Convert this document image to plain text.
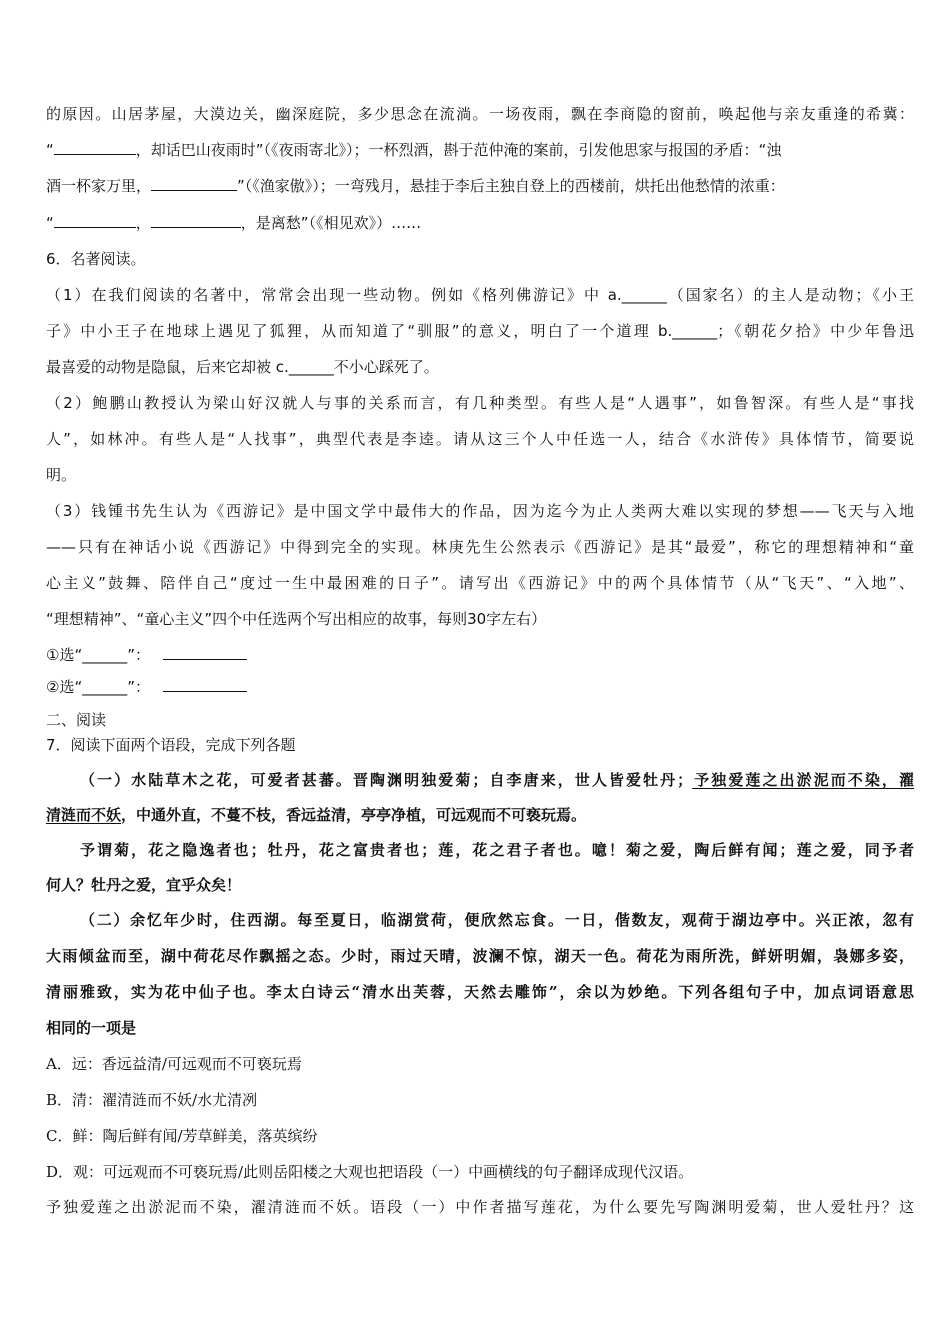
的原因。山居茅屋，大漠边关，幽深庭院，多少思念在流淌。一场夜雨，飘在李商隐的窗前，唤起他与亲友重逢的希冀：
“	，却话巴山夜雨时”（《夜雨寄北》）；一杯烈酒，斟于范仲淹的案前，引发他思家与报国的矛盾：“浊
酒一杯家万里，	”（《渔家傲》）；一弯残月，悬挂于李后主独自登上的西楼前，烘托出他愁情的浓重：
“	，	，是离愁”（《相见欢》）……
6．名著阅读。
（1）在我们阅读的名著中，常常会出现一些动物。例如《格列佛游记》中 a.______（国家名）的主人是动物；《小王
子》中小王子在地球上遇见了狐狸，从而知道了“驯服”的意义，明白了一个道理 b.______；《朝花夕拾》中少年鲁迅
最喜爱的动物是隐鼠，后来它却被 c.______不小心踩死了。
（2）鲍鹏山教授认为梁山好汉就人与事的关系而言，有几种类型。有些人是“人遇事”，如鲁智深。有些人是“事找
人”，如林冲。有些人是“人找事”，典型代表是李逵。请从这三个人中任选一人，结合《水浒传》具体情节，简要说
明。
（3）钱锺书先生认为《西游记》是中国文学中最伟大的作品，因为迄今为止人类两大难以实现的梦想——飞天与入地
——只有在神话小说《西游记》中得到完全的实现。林庚先生公然表示《西游记》是其“最爱”，称它的理想精神和“童
心主义”鼓舞、陪伴自己“度过一生中最困难的日子”。请写出《西游记》中的两个具体情节（从“飞天”、“入地”、
“理想精神”、“童心主义”四个中任选两个写出相应的故事，每则30字左右）
①选“______”：
②选“______”：
二、阅读
7．阅读下面两个语段，完成下列各题
（一）水陆草木之花，可爱者甚蕃。晋陶渊明独爱菊；自李唐来，世人皆爱牡丹；予独爱莲之出淤泥而不染，濯
清涟而不妖，中通外直，不蔓不枝，香远益清，亭亭净植，可远观而不可亵玩焉。
予谓菊，花之隐逸者也；牡丹，花之富贵者也；莲，花之君子者也。噫！菊之爱，陶后鲜有闻；莲之爱，同予者
何人？牡丹之爱，宜乎众矣！
（二）余忆年少时，住西湖。每至夏日，临湖赏荷，便欣然忘食。一日，偕数友，观荷于湖边亭中。兴正浓，忽有
大雨倾盆而至，湖中荷花尽作飘摇之态。少时，雨过天晴，波澜不惊，湖天一色。荷花为雨所洗，鲜妍明媚，袅娜多姿，
清丽雅致，实为花中仙子也。李太白诗云“清水出芙蓉，天然去雕饰”，余以为妙绝。下列各组句子中，加点词语意思
相同的一项是
A．远：香远益清/可远观而不可亵玩焉
B．清：濯清涟而不妖/水尤清冽
C．鲜：陶后鲜有闻/芳草鲜美，落英缤纷
D．观：可远观而不可亵玩焉/此则岳阳楼之大观也把语段（一）中画横线的句子翻译成现代汉语。
予独爱莲之出淤泥而不染，濯清涟而不妖。语段（一）中作者描写莲花，为什么要先写陶渊明爱菊，世人爱牡丹？这
